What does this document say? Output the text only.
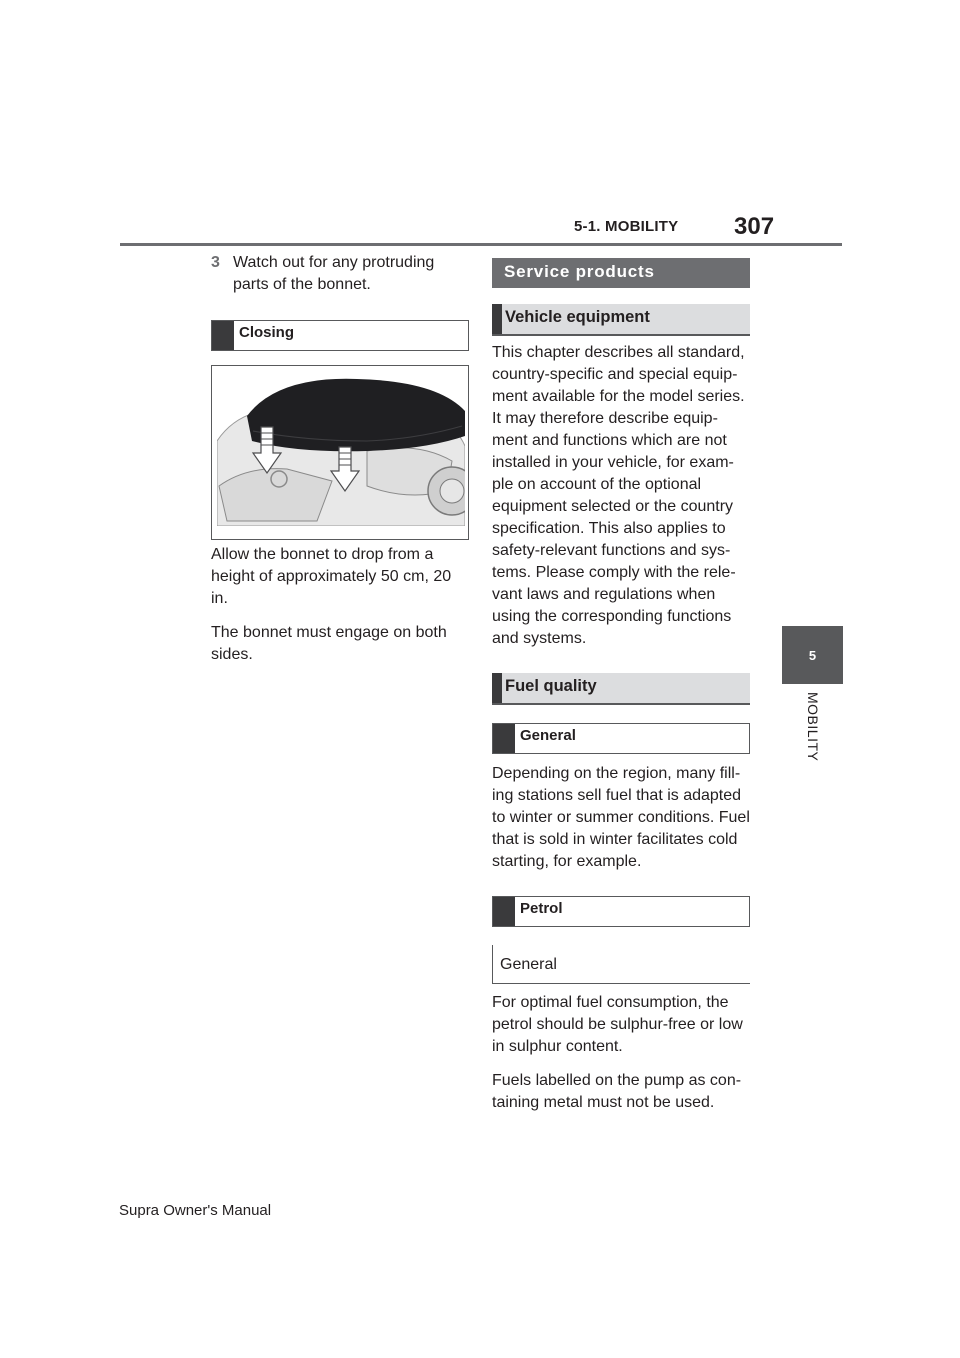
5-1. MOBILITY 307
5
MOBILITY
3 Watch out for any protruding parts of the bonnet.
Closing

Allow the bonnet to drop from a height of approximately 50 cm, 20 in.

The bonnet must engage on both sides.

Service products
Vehicle equipment

This chapter describes all standard, country-specific and special equip-ment available for the model series. It may therefore describe equip-ment and functions which are not installed in your vehicle, for exam-ple on account of the optional equipment selected or the country specification. This also applies to safety-relevant functions and sys-tems. Please comply with the rele-vant laws and regulations when using the corresponding functions and systems.

Fuel quality
General

Depending on the region, many fill-ing stations sell fuel that is adapted to winter or summer conditions. Fuel that is sold in winter facilitates cold starting, for example.

Petrol
General

For optimal fuel consumption, the petrol should be sulphur-free or low in sulphur content.

Fuels labelled on the pump as con-taining metal must not be used.

Supra Owner's Manual
